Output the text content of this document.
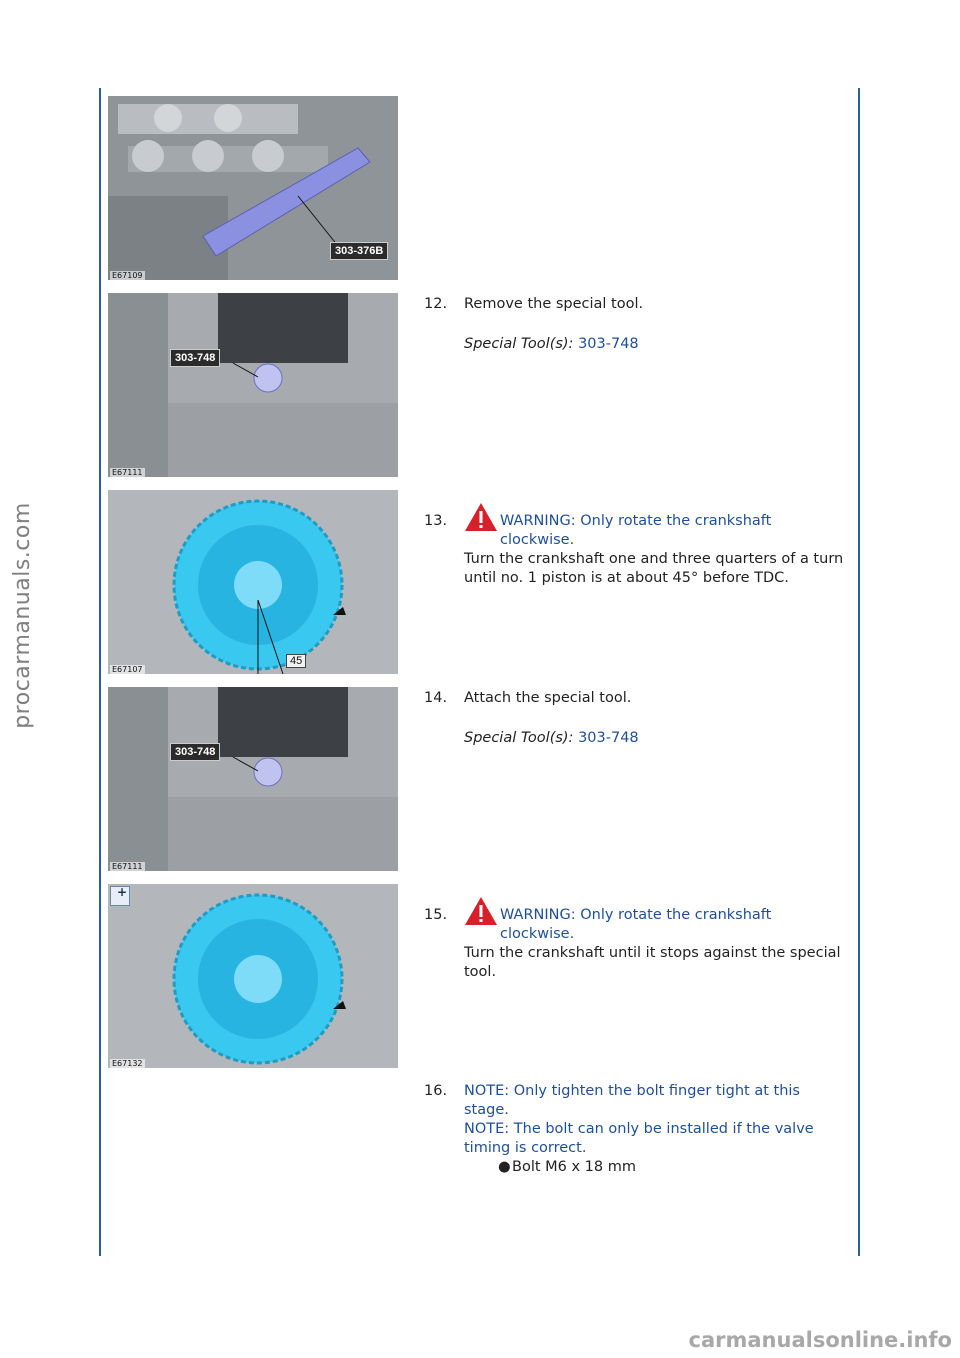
procarmanuals.com
303-376B
E67109
303-748
E67111
45
E67107
303-748
E67111
+
E67132
12.	Remove the special tool.
Special Tool(s): 303-748
13.	WARNING: Only rotate the crankshaft clockwise.
Turn the crankshaft one and three quarters of a turn until no. 1 piston is at about 45° before TDC.
14.	Attach the special tool.
Special Tool(s): 303-748
15.	WARNING: Only rotate the crankshaft clockwise.
Turn the crankshaft until it stops against the special tool.
16.	NOTE: Only tighten the bolt finger tight at this stage.
NOTE: The bolt can only be installed if the valve timing is correct.
● Bolt M6 x 18 mm
carmanualsonline.info
